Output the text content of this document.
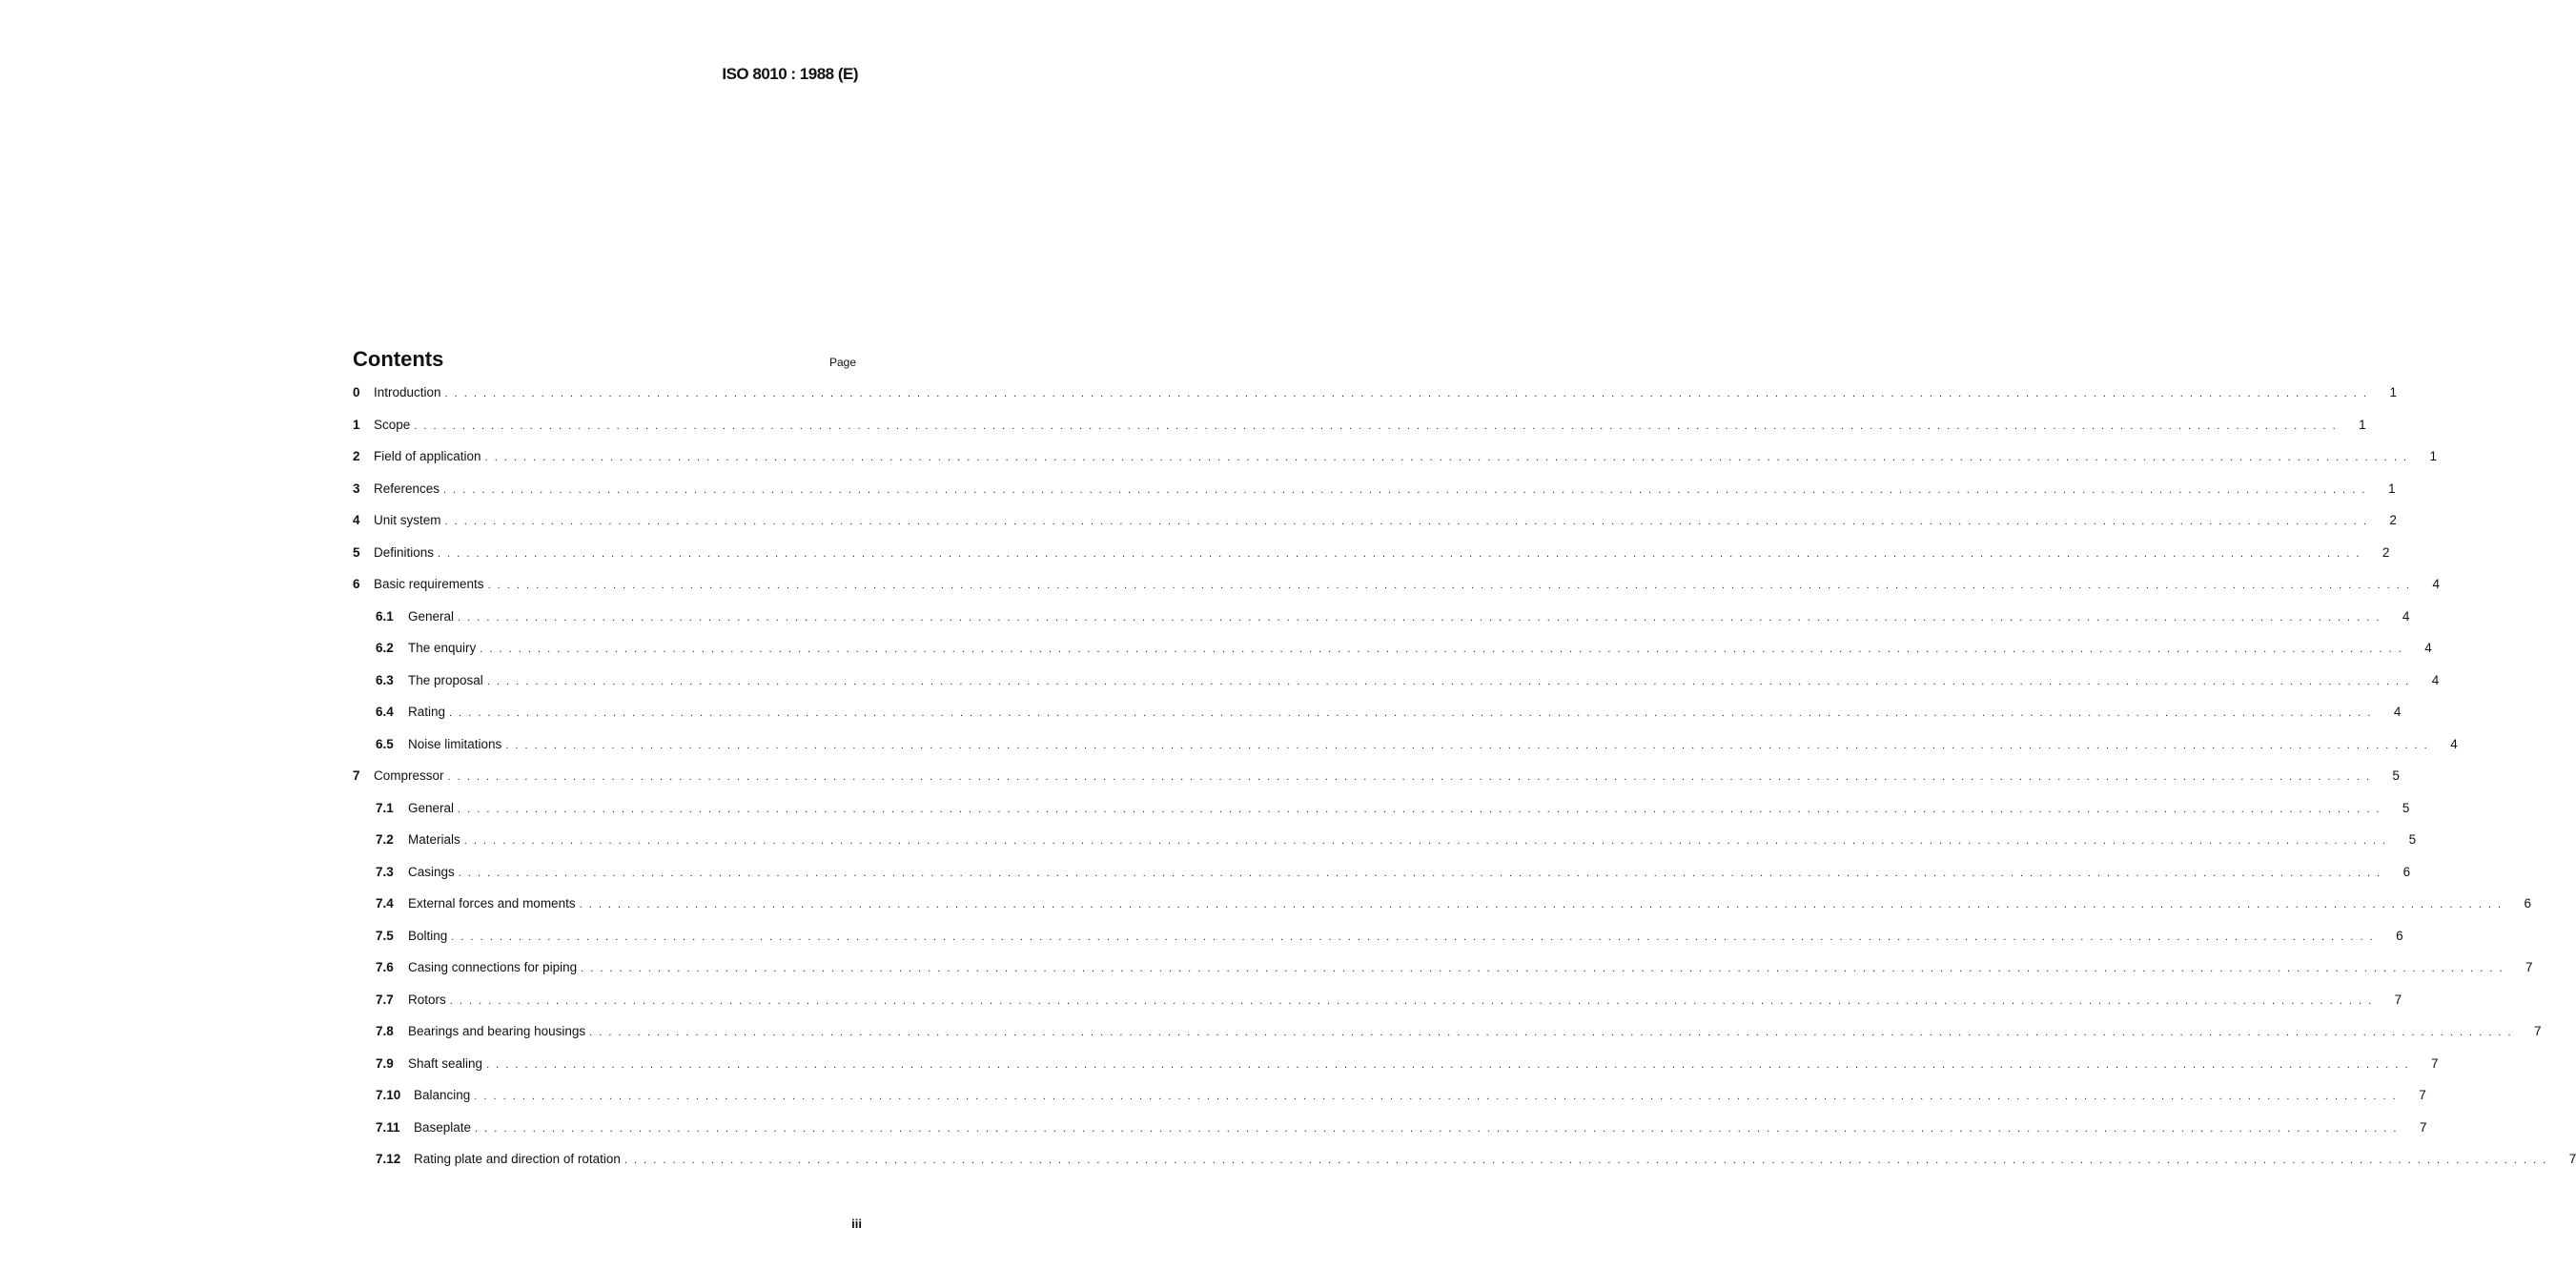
ISO 8010 : 1988 (E)
Contents	Page
0	Introduction . . . . . . . . . . . . . . . . . . . . . . . . . . . . . . . . . . . . . . . . . . . . . . . . . . . . . . . . . . . . . . . . . . . . . . . . . . . . . . . . . . . . . . . . . . . . . . . . . . . . . . . . . . . . . . . . . . . . . . . . . . . . . . . . . . . . . . . . . . . . . . . . . . . . . . . . . . . . . . . . . . . . . . . . . . . . . . . . . . . . . . . . . . . . . . . . . . . . . . . .	1
1	Scope . . . . . . . . . . . . . . . . . . . . . . . . . . . . . . . . . . . . . . . . . . . . . . . . . . . . . . . . . . . . . . . . . . . . . . . . . . . . . . . . . . . . . . . . . . . . . . . . . . . . . . . . . . . . . . . . . . . . . . . . . . . . . . . . . . . . . . . . . . . . . . . . . . . . . . . . . . . . . . . . . . . . . . . . . . . . . . . . . . . . . . . . . . . . . . . . . . . . . . . .	1
2	Field of application . . . . . . . . . . . . . . . . . . . . . . . . . . . . . . . . . . . . . . . . . . . . . . . . . . . . . . . . . . . . . . . . . . . . . . . . . . . . . . . . . . . . . . . . . . . . . . . . . . . . . . . . . . . . . . . . . . . . . . . . . . . . . . . . . . . . . . . . . . . . . . . . . . . . . . . . . . . . . . . . . . . . . . . . . . . . . . . . . . . . . . . . . . . . . . . . . . . . . . . .	1
3	References . . . . . . . . . . . . . . . . . . . . . . . . . . . . . . . . . . . . . . . . . . . . . . . . . . . . . . . . . . . . . . . . . . . . . . . . . . . . . . . . . . . . . . . . . . . . . . . . . . . . . . . . . . . . . . . . . . . . . . . . . . . . . . . . . . . . . . . . . . . . . . . . . . . . . . . . . . . . . . . . . . . . . . . . . . . . . . . . . . . . . . . . . . . . . . . . . . . . . . . .	1
4	Unit system . . . . . . . . . . . . . . . . . . . . . . . . . . . . . . . . . . . . . . . . . . . . . . . . . . . . . . . . . . . . . . . . . . . . . . . . . . . . . . . . . . . . . . . . . . . . . . . . . . . . . . . . . . . . . . . . . . . . . . . . . . . . . . . . . . . . . . . . . . . . . . . . . . . . . . . . . . . . . . . . . . . . . . . . . . . . . . . . . . . . . . . . . . . . . . . . . . . . . . . .	2
5	Definitions . . . . . . . . . . . . . . . . . . . . . . . . . . . . . . . . . . . . . . . . . . . . . . . . . . . . . . . . . . . . . . . . . . . . . . . . . . . . . . . . . . . . . . . . . . . . . . . . . . . . . . . . . . . . . . . . . . . . . . . . . . . . . . . . . . . . . . . . . . . . . . . . . . . . . . . . . . . . . . . . . . . . . . . . . . . . . . . . . . . . . . . . . . . . . . . . . . . . . . . .	2
6	Basic requirements . . . . . . . . . . . . . . . . . . . . . . . . . . . . . . . . . . . . . . . . . . . . . . . . . . . . . . . . . . . . . . . . . . . . . . . . . . . . . . . . . . . . . . . . . . . . . . . . . . . . . . . . . . . . . . . . . . . . . . . . . . . . . . . . . . . . . . . . . . . . . . . . . . . . . . . . . . . . . . . . . . . . . . . . . . . . . . . . . . . . . . . . . . . . . . . . . . . . . . . .	4
6.1	General . . . . . . . . . . . . . . . . . . . . . . . . . . . . . . . . . . . . . . . . . . . . . . . . . . . . . . . . . . . . . . . . . . . . . . . . . . . . . . . . . . . . . . . . . . . . . . . . . . . . . . . . . . . . . . . . . . . . . . . . . . . . . . . . . . . . . . . . . . . . . . . . . . . . . . . . . . . . . . . . . . . . . . . . . . . . . . . . . . . . . . . . . . . . . . . . . . . . . . . .	4
6.2	The enquiry . . . . . . . . . . . . . . . . . . . . . . . . . . . . . . . . . . . . . . . . . . . . . . . . . . . . . . . . . . . . . . . . . . . . . . . . . . . . . . . . . . . . . . . . . . . . . . . . . . . . . . . . . . . . . . . . . . . . . . . . . . . . . . . . . . . . . . . . . . . . . . . . . . . . . . . . . . . . . . . . . . . . . . . . . . . . . . . . . . . . . . . . . . . . . . . . . . . . . . . .	4
6.3	The proposal . . . . . . . . . . . . . . . . . . . . . . . . . . . . . . . . . . . . . . . . . . . . . . . . . . . . . . . . . . . . . . . . . . . . . . . . . . . . . . . . . . . . . . . . . . . . . . . . . . . . . . . . . . . . . . . . . . . . . . . . . . . . . . . . . . . . . . . . . . . . . . . . . . . . . . . . . . . . . . . . . . . . . . . . . . . . . . . . . . . . . . . . . . . . . . . . . . . . . . . .	4
6.4	Rating . . . . . . . . . . . . . . . . . . . . . . . . . . . . . . . . . . . . . . . . . . . . . . . . . . . . . . . . . . . . . . . . . . . . . . . . . . . . . . . . . . . . . . . . . . . . . . . . . . . . . . . . . . . . . . . . . . . . . . . . . . . . . . . . . . . . . . . . . . . . . . . . . . . . . . . . . . . . . . . . . . . . . . . . . . . . . . . . . . . . . . . . . . . . . . . . . . . . . . . .	4
6.5	Noise limitations . . . . . . . . . . . . . . . . . . . . . . . . . . . . . . . . . . . . . . . . . . . . . . . . . . . . . . . . . . . . . . . . . . . . . . . . . . . . . . . . . . . . . . . . . . . . . . . . . . . . . . . . . . . . . . . . . . . . . . . . . . . . . . . . . . . . . . . . . . . . . . . . . . . . . . . . . . . . . . . . . . . . . . . . . . . . . . . . . . . . . . . . . . . . . . . . . . . . . . . .	4
7	Compressor . . . . . . . . . . . . . . . . . . . . . . . . . . . . . . . . . . . . . . . . . . . . . . . . . . . . . . . . . . . . . . . . . . . . . . . . . . . . . . . . . . . . . . . . . . . . . . . . . . . . . . . . . . . . . . . . . . . . . . . . . . . . . . . . . . . . . . . . . . . . . . . . . . . . . . . . . . . . . . . . . . . . . . . . . . . . . . . . . . . . . . . . . . . . . . . . . . . . . . . .	5
7.1	General . . . . . . . . . . . . . . . . . . . . . . . . . . . . . . . . . . . . . . . . . . . . . . . . . . . . . . . . . . . . . . . . . . . . . . . . . . . . . . . . . . . . . . . . . . . . . . . . . . . . . . . . . . . . . . . . . . . . . . . . . . . . . . . . . . . . . . . . . . . . . . . . . . . . . . . . . . . . . . . . . . . . . . . . . . . . . . . . . . . . . . . . . . . . . . . . . . . . . . . .	5
7.2	Materials . . . . . . . . . . . . . . . . . . . . . . . . . . . . . . . . . . . . . . . . . . . . . . . . . . . . . . . . . . . . . . . . . . . . . . . . . . . . . . . . . . . . . . . . . . . . . . . . . . . . . . . . . . . . . . . . . . . . . . . . . . . . . . . . . . . . . . . . . . . . . . . . . . . . . . . . . . . . . . . . . . . . . . . . . . . . . . . . . . . . . . . . . . . . . . . . . . . . . . . .	5
7.3	Casings . . . . . . . . . . . . . . . . . . . . . . . . . . . . . . . . . . . . . . . . . . . . . . . . . . . . . . . . . . . . . . . . . . . . . . . . . . . . . . . . . . . . . . . . . . . . . . . . . . . . . . . . . . . . . . . . . . . . . . . . . . . . . . . . . . . . . . . . . . . . . . . . . . . . . . . . . . . . . . . . . . . . . . . . . . . . . . . . . . . . . . . . . . . . . . . . . . . . . . . .	6
7.4	External forces and moments . . . . . . . . . . . . . . . . . . . . . . . . . . . . . . . . . . . . . . . . . . . . . . . . . . . . . . . . . . . . . . . . . . . . . . . . . . . . . . . . . . . . . . . . . . . . . . . . . . . . . . . . . . . . . . . . . . . . . . . . . . . . . . . . . . . . . . . . . . . . . . . . . . . . . . . . . . . . . . . . . . . . . . . . . . . . . . . . . . . . . . . . . . . . . . . . . . . . . . . .	6
7.5	Bolting . . . . . . . . . . . . . . . . . . . . . . . . . . . . . . . . . . . . . . . . . . . . . . . . . . . . . . . . . . . . . . . . . . . . . . . . . . . . . . . . . . . . . . . . . . . . . . . . . . . . . . . . . . . . . . . . . . . . . . . . . . . . . . . . . . . . . . . . . . . . . . . . . . . . . . . . . . . . . . . . . . . . . . . . . . . . . . . . . . . . . . . . . . . . . . . . . . . . . . . .	6
7.6	Casing connections for piping . . . . . . . . . . . . . . . . . . . . . . . . . . . . . . . . . . . . . . . . . . . . . . . . . . . . . . . . . . . . . . . . . . . . . . . . . . . . . . . . . . . . . . . . . . . . . . . . . . . . . . . . . . . . . . . . . . . . . . . . . . . . . . . . . . . . . . . . . . . . . . . . . . . . . . . . . . . . . . . . . . . . . . . . . . . . . . . . . . . . . . . . . . . . . . . . . . . . . . . .	7
7.7	Rotors . . . . . . . . . . . . . . . . . . . . . . . . . . . . . . . . . . . . . . . . . . . . . . . . . . . . . . . . . . . . . . . . . . . . . . . . . . . . . . . . . . . . . . . . . . . . . . . . . . . . . . . . . . . . . . . . . . . . . . . . . . . . . . . . . . . . . . . . . . . . . . . . . . . . . . . . . . . . . . . . . . . . . . . . . . . . . . . . . . . . . . . . . . . . . . . . . . . . . . . .	7
7.8	Bearings and bearing housings . . . . . . . . . . . . . . . . . . . . . . . . . . . . . . . . . . . . . . . . . . . . . . . . . . . . . . . . . . . . . . . . . . . . . . . . . . . . . . . . . . . . . . . . . . . . . . . . . . . . . . . . . . . . . . . . . . . . . . . . . . . . . . . . . . . . . . . . . . . . . . . . . . . . . . . . . . . . . . . . . . . . . . . . . . . . . . . . . . . . . . . . . . . . . . . . . . . . . . . .	7
7.9	Shaft sealing . . . . . . . . . . . . . . . . . . . . . . . . . . . . . . . . . . . . . . . . . . . . . . . . . . . . . . . . . . . . . . . . . . . . . . . . . . . . . . . . . . . . . . . . . . . . . . . . . . . . . . . . . . . . . . . . . . . . . . . . . . . . . . . . . . . . . . . . . . . . . . . . . . . . . . . . . . . . . . . . . . . . . . . . . . . . . . . . . . . . . . . . . . . . . . . . . . . . . . . .	7
7.10	Balancing . . . . . . . . . . . . . . . . . . . . . . . . . . . . . . . . . . . . . . . . . . . . . . . . . . . . . . . . . . . . . . . . . . . . . . . . . . . . . . . . . . . . . . . . . . . . . . . . . . . . . . . . . . . . . . . . . . . . . . . . . . . . . . . . . . . . . . . . . . . . . . . . . . . . . . . . . . . . . . . . . . . . . . . . . . . . . . . . . . . . . . . . . . . . . . . . . . . . . . . .	7
7.11	Baseplate . . . . . . . . . . . . . . . . . . . . . . . . . . . . . . . . . . . . . . . . . . . . . . . . . . . . . . . . . . . . . . . . . . . . . . . . . . . . . . . . . . . . . . . . . . . . . . . . . . . . . . . . . . . . . . . . . . . . . . . . . . . . . . . . . . . . . . . . . . . . . . . . . . . . . . . . . . . . . . . . . . . . . . . . . . . . . . . . . . . . . . . . . . . . . . . . . . . . . . . .	7
7.12	Rating plate and direction of rotation . . . . . . . . . . . . . . . . . . . . . . . . . . . . . . . . . . . . . . . . . . . . . . . . . . . . . . . . . . . . . . . . . . . . . . . . . . . . . . . . . . . . . . . . . . . . . . . . . . . . . . . . . . . . . . . . . . . . . . . . . . . . . . . . . . . . . . . . . . . . . . . . . . . . . . . . . . . . . . . . . . . . . . . . . . . . . . . . . . . . . . . . . . . . . . . . . . . . . . . .	7
iii
